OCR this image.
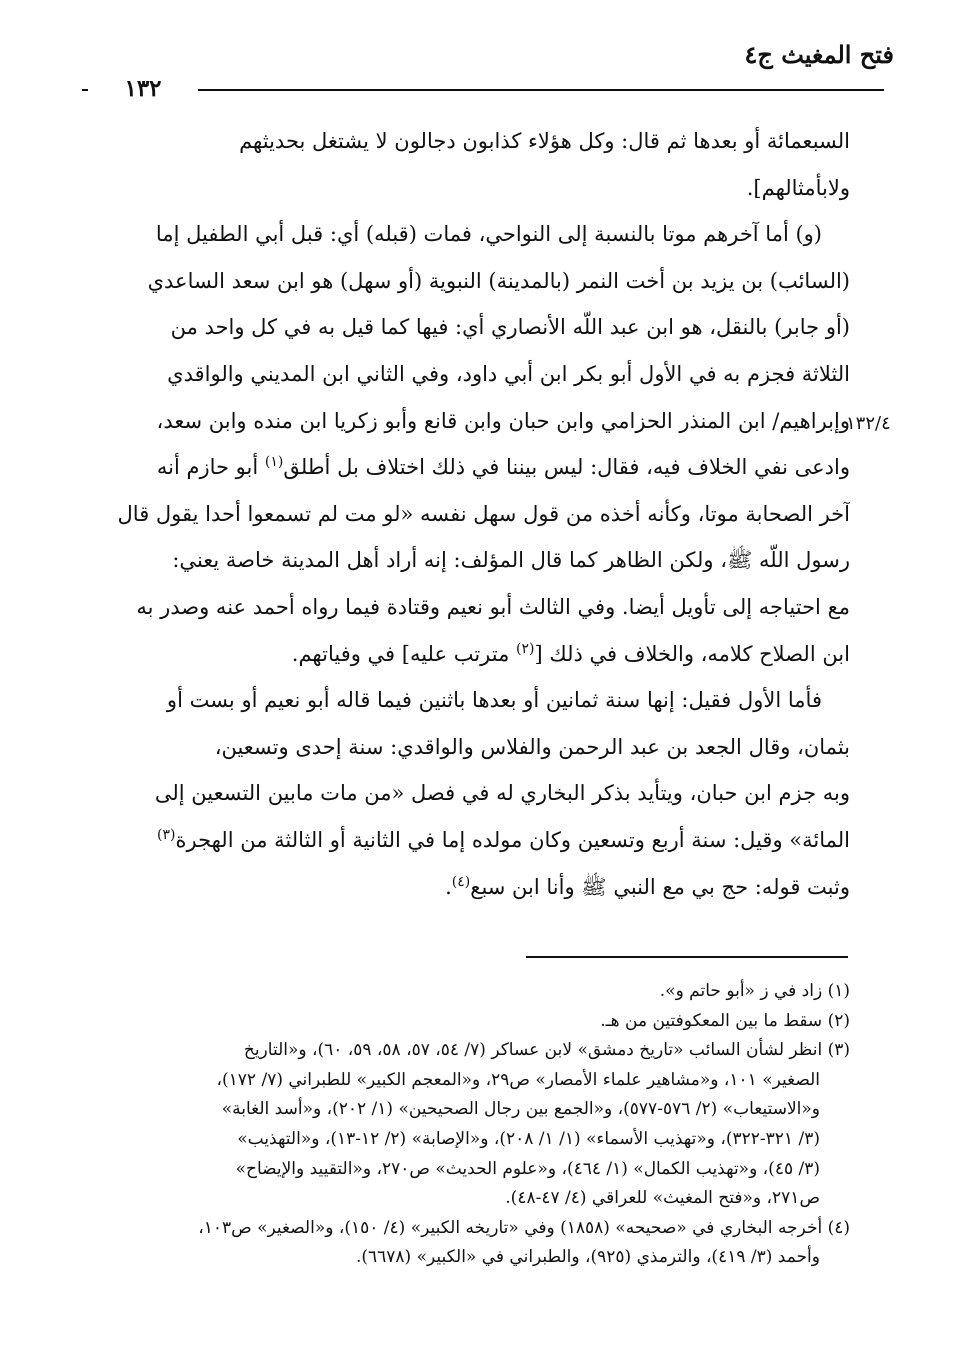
فتح المغيث ج٤
١٣٢
١٣٢/٤

السبعمائة أو بعدها ثم قال: وكل هؤلاء كذابون دجالون لا يشتغل بحديثهم
ولابأمثالهم].

(و) أما آخرهم موتا بالنسبة إلى النواحي، فمات (قبله) أي: قبل أبي الطفيل إما
(السائب) بن يزيد بن أخت النمر (بالمدينة) النبوية (أو سهل) هو ابن سعد الساعدي
(أو جابر) بالنقل، هو ابن عبد اللّه الأنصاري أي: فيها كما قيل به في كل واحد من
الثلاثة فجزم به في الأول أبو بكر ابن أبي داود، وفي الثاني ابن المديني والواقدي
وإبراهيم/ ابن المنذر الحزامي وابن حبان وابن قانع وأبو زكريا ابن منده وابن سعد،
وادعى نفي الخلاف فيه، فقال: ليس بيننا في ذلك اختلاف بل أطلق$^{(١)}$ أبو حازم أنه
آخر الصحابة موتا، وكأنه أخذه من قول سهل نفسه «لو مت لم تسمعوا أحدا يقول قال
رسول اللّه ﷺ، ولكن الظاهر كما قال المؤلف: إنه أراد أهل المدينة خاصة يعني:
مع احتياجه إلى تأويل أيضا. وفي الثالث أبو نعيم وقتادة فيما رواه أحمد عنه وصدر به
ابن الصلاح كلامه، والخلاف في ذلك [$^{(٢)}$ مترتب عليه] في وفياتهم.

فأما الأول فقيل: إنها سنة ثمانين أو بعدها باثنين فيما قاله أبو نعيم أو بست أو
بثمان، وقال الجعد بن عبد الرحمن والفلاس والواقدي: سنة إحدى وتسعين،
وبه جزم ابن حبان، ويتأيد بذكر البخاري له في فصل «من مات مابين التسعين إلى
المائة» وقيل: سنة أربع وتسعين وكان مولده إما في الثانية أو الثالثة من الهجرة$^{(٣)}$
وثبت قوله: حج بي مع النبي ﷺ وأنا ابن سبع$^{(٤)}$.

(١) زاد في ز «أبو حاتم و».
(٢) سقط ما بين المعكوفتين من هـ.
(٣) انظر لشأن السائب «تاريخ دمشق» لابن عساكر (٧/ ٥٤، ٥٧، ٥٨، ٥٩، ٦٠)، و«التاريخ
الصغير» ١٠١، و«مشاهير علماء الأمصار» ص٢٩، و«المعجم الكبير» للطبراني (٧/ ١٧٢)،
و«الاستيعاب» (٢/ ٥٧٦-٥٧٧)، و«الجمع بين رجال الصحيحين» (١/ ٢٠٢)، و«أسد الغابة»
(٣/ ٣٢١-٣٢٢)، و«تهذيب الأسماء» (١/ ١/ ٢٠٨)، و«الإصابة» (٢/ ١٢-١٣)، و«التهذيب»
(٣/ ٤٥)، و«تهذيب الكمال» (١/ ٤٦٤)، و«علوم الحديث» ص٢٧٠، و«التقييد والإيضاح»
ص٢٧١، و«فتح المغيث» للعراقي (٤/ ٤٧-٤٨).
(٤) أخرجه البخاري في «صحيحه» (١٨٥٨) وفي «تاريخه الكبير» (٤/ ١٥٠)، و«الصغير» ص١٠٣،
وأحمد (٣/ ٤١٩)، والترمذي (٩٢٥)، والطبراني في «الكبير» (٦٦٧٨).
